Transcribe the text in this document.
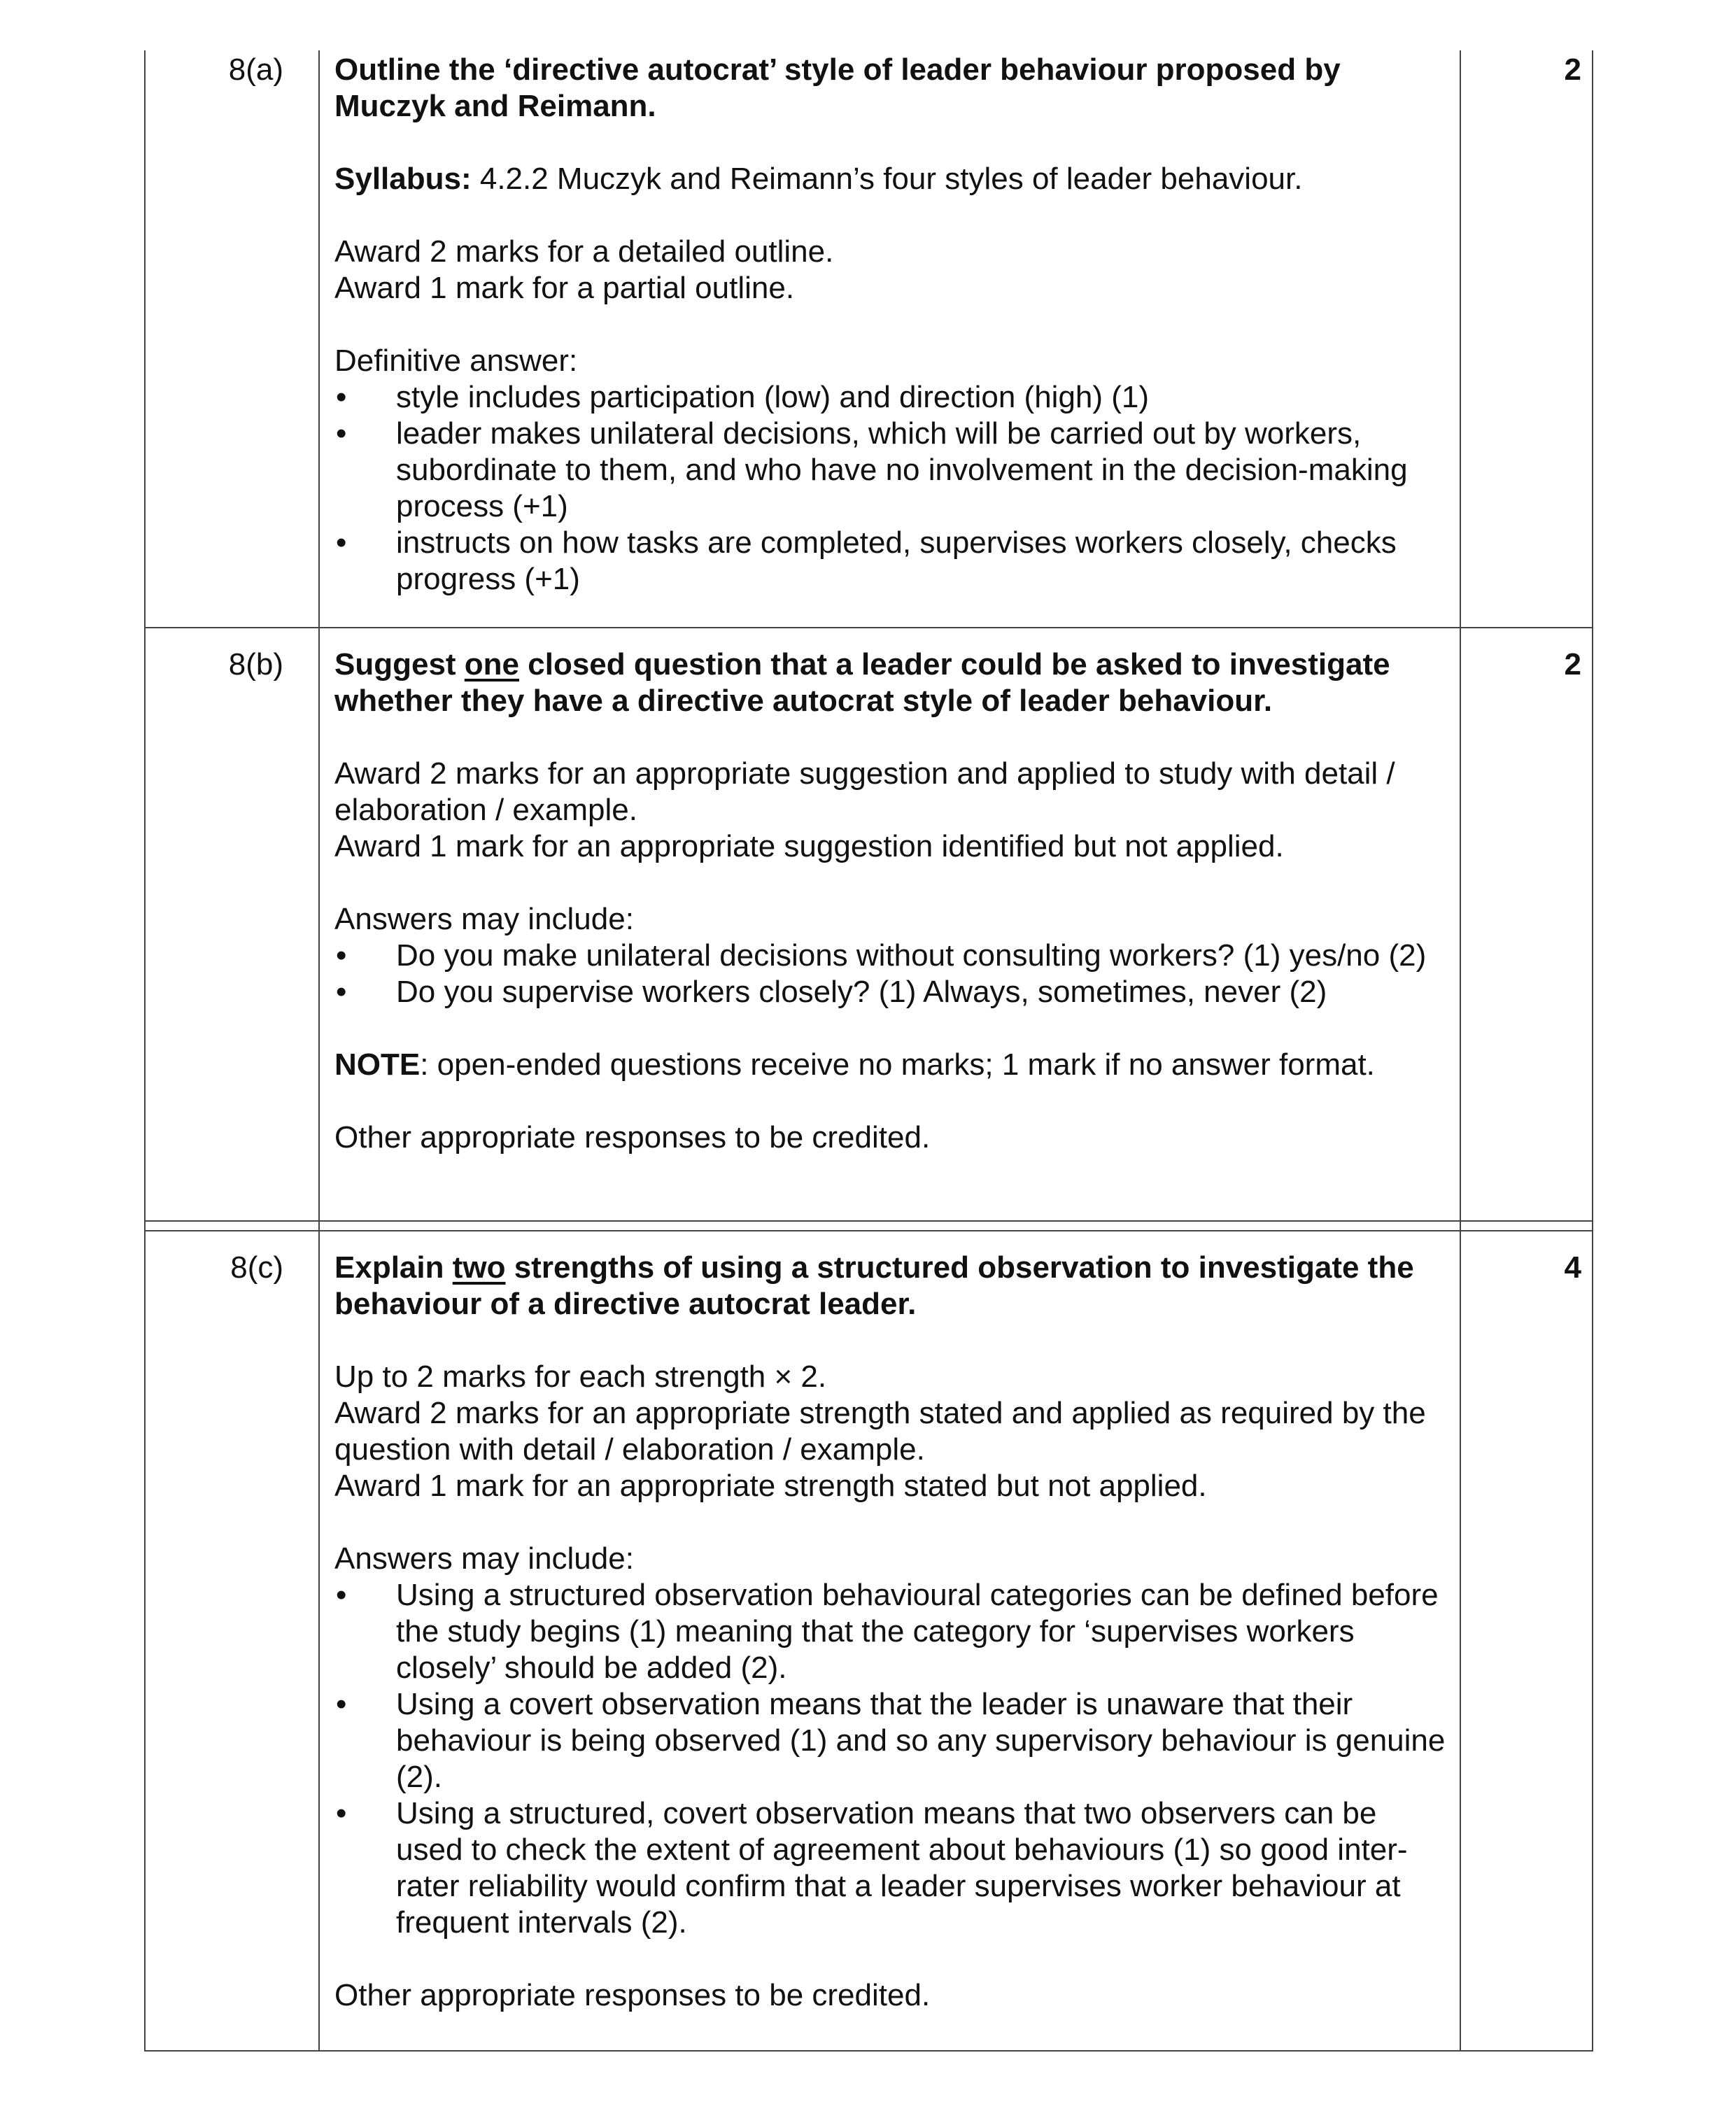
8(a)	2

Outline the ‘directive autocrat’ style of leader behaviour proposed by Muczyk and Reimann.

Syllabus: 4.2.2 Muczyk and Reimann’s four styles of leader behaviour.

Award 2 marks for a detailed outline.

Award 1 mark for a partial outline.

Definitive answer:

• style includes participation (low) and direction (high) (1)
• leader makes unilateral decisions, which will be carried out by workers, subordinate to them, and who have no involvement in the decision-making process (+1)
• instructs on how tasks are completed, supervises workers closely, checks progress (+1)
8(b)	2

Suggest one closed question that a leader could be asked to investigate whether they have a directive autocrat style of leader behaviour.

Award 2 marks for an appropriate suggestion and applied to study with detail / elaboration / example.

Award 1 mark for an appropriate suggestion identified but not applied.

Answers may include:

• Do you make unilateral decisions without consulting workers? (1) yes/no (2)
• Do you supervise workers closely? (1) Always, sometimes, never (2)

NOTE: open-ended questions receive no marks; 1 mark if no answer format.

Other appropriate responses to be credited.

8(c)	4

Explain two strengths of using a structured observation to investigate the behaviour of a directive autocrat leader.

Up to 2 marks for each strength × 2.

Award 2 marks for an appropriate strength stated and applied as required by the question with detail / elaboration / example.

Award 1 mark for an appropriate strength stated but not applied.

Answers may include:

• Using a structured observation behavioural categories can be defined before the study begins (1) meaning that the category for ‘supervises workers closely’ should be added (2).
• Using a covert observation means that the leader is unaware that their behaviour is being observed (1) and so any supervisory behaviour is genuine (2).
• Using a structured, covert observation means that two observers can be used to check the extent of agreement about behaviours (1) so good inter-rater reliability would confirm that a leader supervises worker behaviour at frequent intervals (2).

Other appropriate responses to be credited.
